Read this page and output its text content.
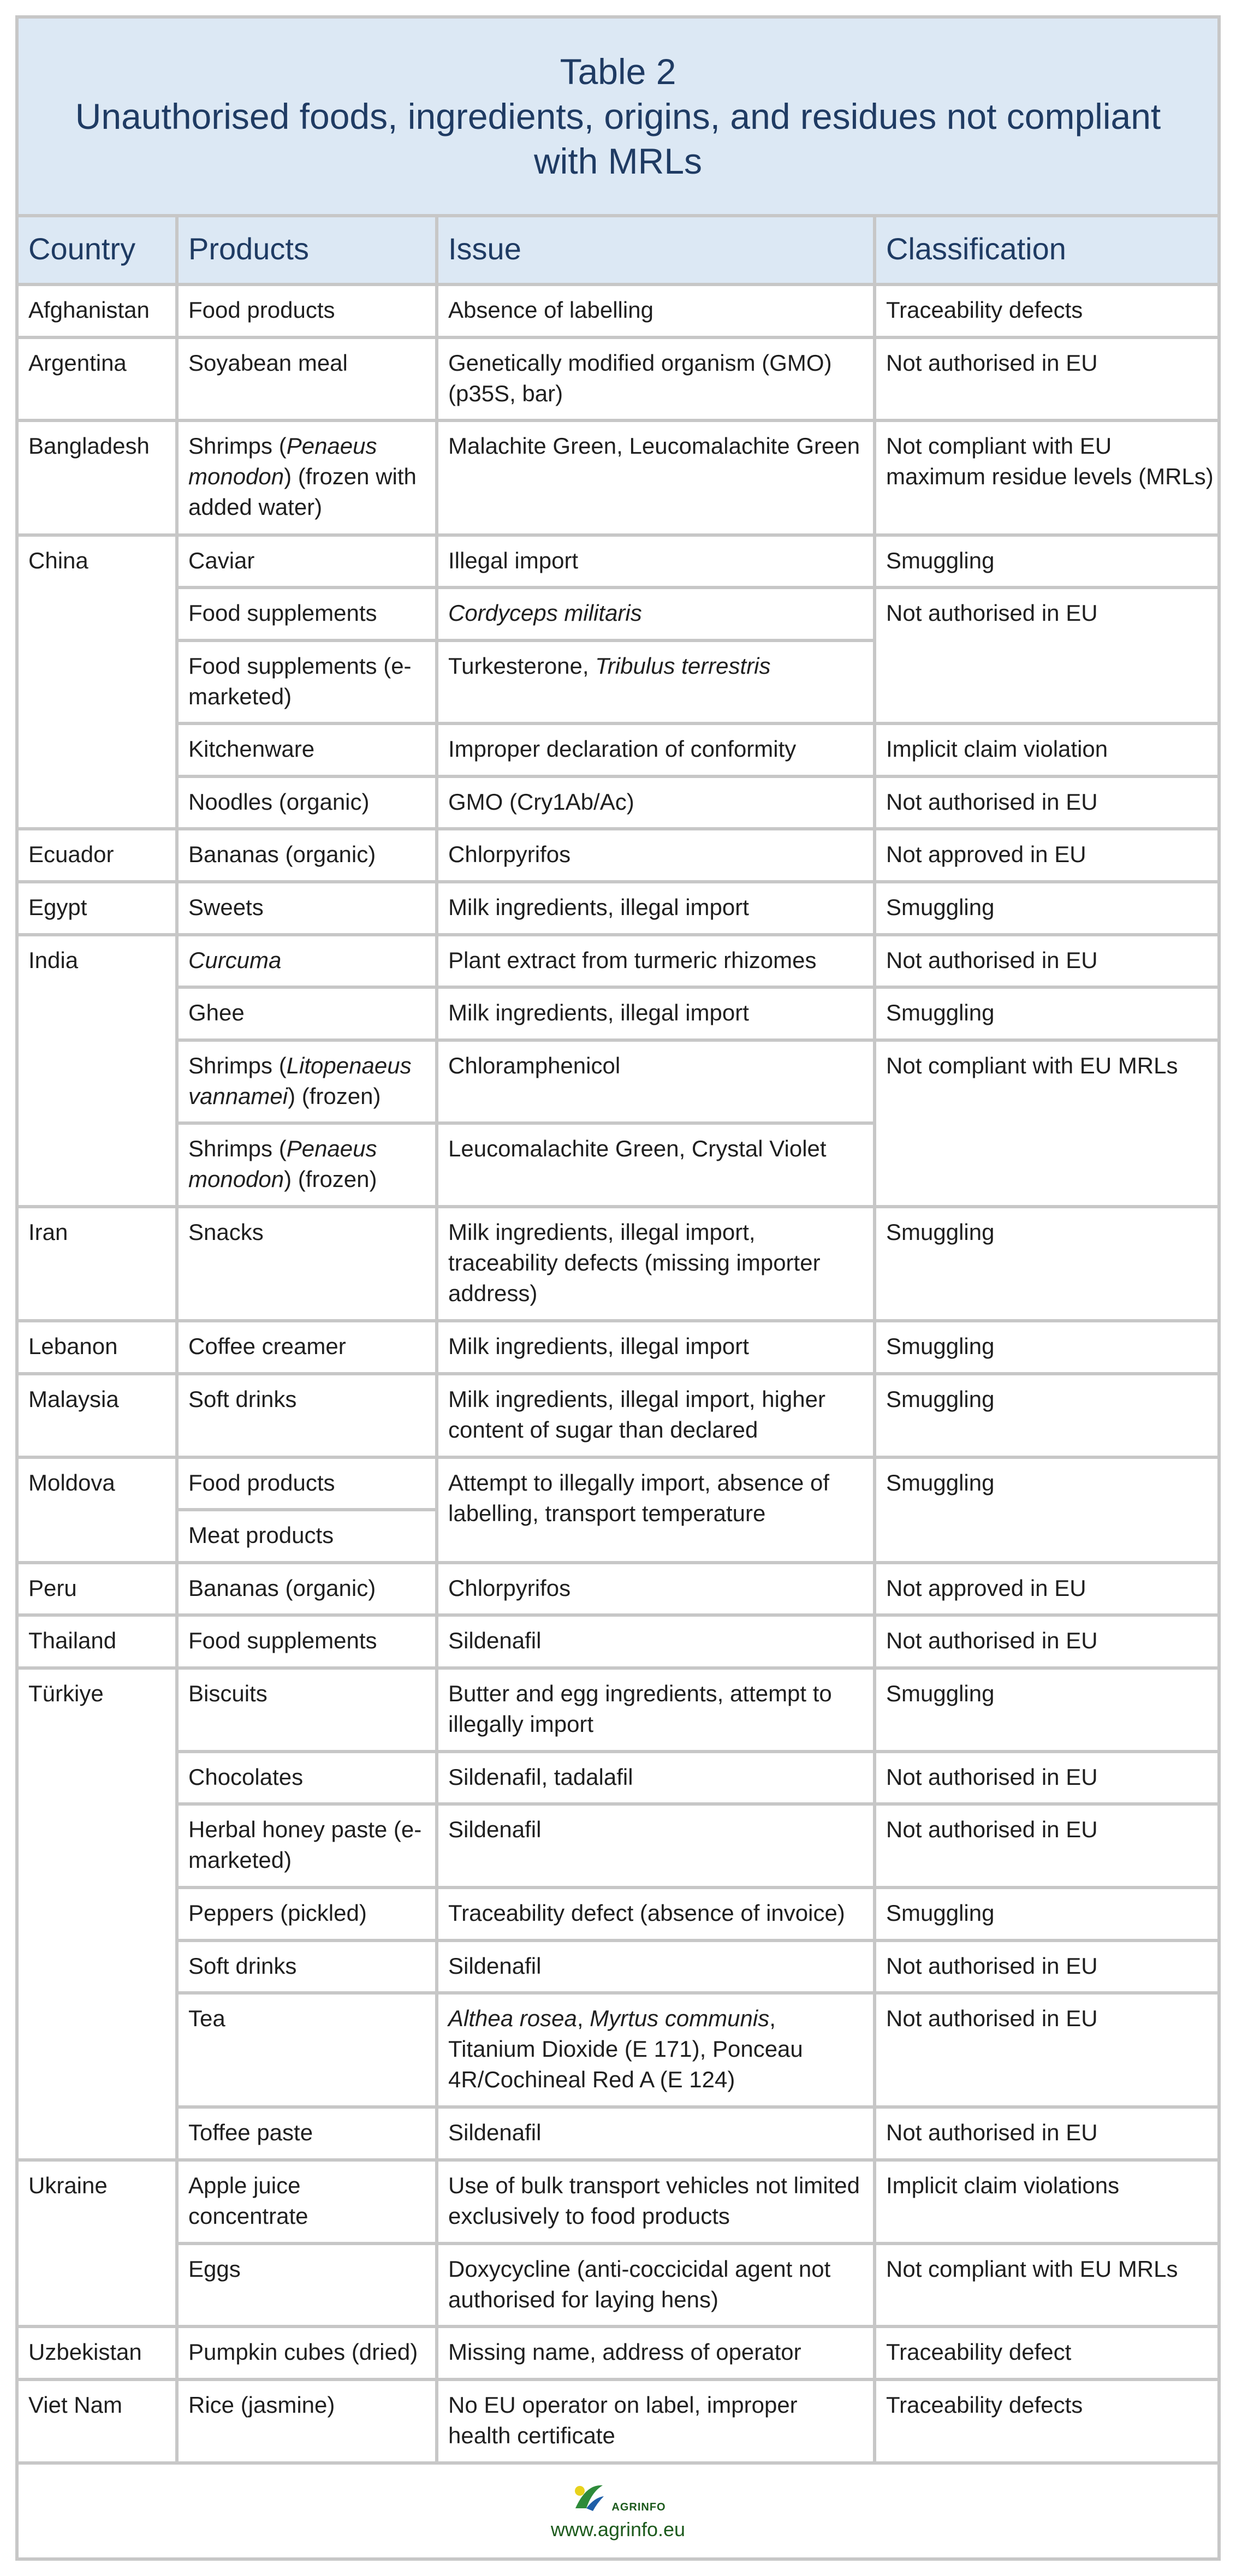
Table 2
Unauthorised foods, ingredients, origins, and residues not compliant with MRLs
Country	Products	Issue	Classification
Afghanistan	Food products	Absence of labelling	Traceability defects
Argentina	Soyabean meal	Genetically modified organism (GMO) (p35S, bar)	Not authorised in EU
Bangladesh	Shrimps (Penaeus monodon) (frozen with added water)	Malachite Green, Leucomalachite Green	Not compliant with EU maximum residue levels (MRLs)
China	Caviar	Illegal import	Smuggling
	Food supplements	Cordyceps militaris	Not authorised in EU
	Food supplements (e-marketed)	Turkesterone, Tribulus terrestris	
	Kitchenware	Improper declaration of conformity	Implicit claim violation
	Noodles (organic)	GMO (Cry1Ab/Ac)	Not authorised in EU
Ecuador	Bananas (organic)	Chlorpyrifos	Not approved in EU
Egypt	Sweets	Milk ingredients, illegal import	Smuggling
India	Curcuma	Plant extract from turmeric rhizomes	Not authorised in EU
	Ghee	Milk ingredients, illegal import	Smuggling
	Shrimps (Litopenaeus vannamei) (frozen)	Chloramphenicol	Not compliant with EU MRLs
	Shrimps (Penaeus monodon) (frozen)	Leucomalachite Green, Crystal Violet	
Iran	Snacks	Milk ingredients, illegal import, traceability defects (missing importer address)	Smuggling
Lebanon	Coffee creamer	Milk ingredients, illegal import	Smuggling
Malaysia	Soft drinks	Milk ingredients, illegal import, higher content of sugar than declared	Smuggling
Moldova	Food products	Attempt to illegally import, absence of labelling, transport temperature	Smuggling
	Meat products		
Peru	Bananas (organic)	Chlorpyrifos	Not approved in EU
Thailand	Food supplements	Sildenafil	Not authorised in EU
Türkiye	Biscuits	Butter and egg ingredients, attempt to illegally import	Smuggling
	Chocolates	Sildenafil, tadalafil	Not authorised in EU
	Herbal honey paste (e-marketed)	Sildenafil	Not authorised in EU
	Peppers (pickled)	Traceability defect (absence of invoice)	Smuggling
	Soft drinks	Sildenafil	Not authorised in EU
	Tea	Althea rosea, Myrtus communis, Titanium Dioxide (E 171), Ponceau 4R/Cochineal Red A (E 124)	Not authorised in EU
	Toffee paste	Sildenafil	Not authorised in EU
Ukraine	Apple juice concentrate	Use of bulk transport vehicles not limited exclusively to food products	Implicit claim violations
	Eggs	Doxycycline (anti-coccicidal agent not authorised for laying hens)	Not compliant with EU MRLs
Uzbekistan	Pumpkin cubes (dried)	Missing name, address of operator	Traceability defect
Viet Nam	Rice (jasmine)	No EU operator on label, improper health certificate	Traceability defects
AGRINFO
www.agrinfo.eu
